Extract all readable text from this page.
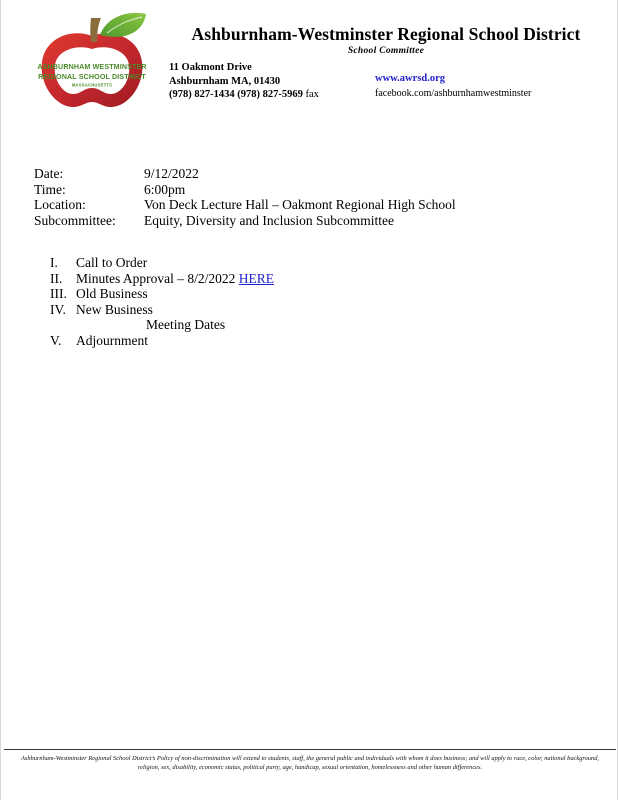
ASHBURNHAM WESTMINSTER
REGIONAL SCHOOL DISTRICT
MASSACHUSETTS
Ashburnham-Westminster Regional School District
School Committee
11 Oakmont Drive
Ashburnham MA, 01430
(978) 827-1434 (978) 827-5969 fax
www.awrsd.org
facebook.com/ashburnhamwestminster
Date:	9/12/2022
Time:	6:00pm
Location:	Von Deck Lecture Hall – Oakmont Regional High School
Subcommittee:	Equity, Diversity and Inclusion Subcommittee
I.	Call to Order
II.	Minutes Approval – 8/2/2022 HERE
III. Old Business
IV. New Business
Meeting Dates
V.	Adjournment
Ashburnham-Westminster Regional School District’s Policy of non-discrimination will extend to students, staff, the general public and individuals with whom it does business; and will apply to race, color, national background, religion, sex, disability, economic status, political party, age, handicap, sexual orientation, homelessness and other human differences.
